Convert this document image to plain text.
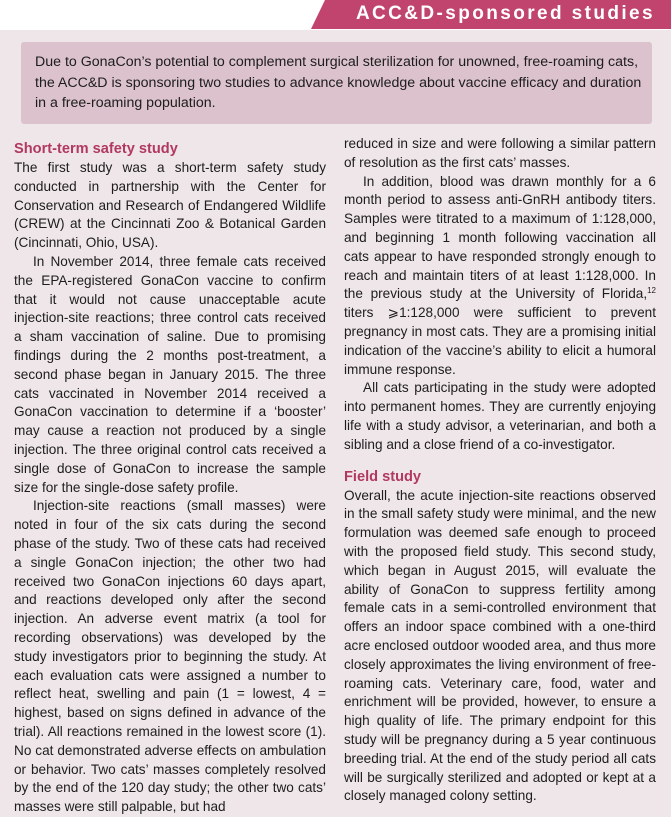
ACC&D-sponsored studies

Due to GonaCon’s potential to complement surgical sterilization for unowned, free-roaming cats, the ACC&D is sponsoring two studies to advance knowledge about vaccine efficacy and duration in a free-roaming population.

Short-term safety study

The first study was a short-term safety study conducted in partnership with the Center for Conservation and Research of Endangered Wildlife (CREW) at the Cincinnati Zoo & Botanical Garden (Cincinnati, Ohio, USA).

In November 2014, three female cats received the EPA-registered GonaCon vaccine to confirm that it would not cause unacceptable acute injection-site reactions; three control cats received a sham vaccination of saline. Due to promising findings during the 2 months post-treatment, a second phase began in January 2015. The three cats vaccinated in November 2014 received a GonaCon vaccination to determine if a ‘booster’ may cause a reaction not produced by a single injection. The three original control cats received a single dose of GonaCon to increase the sample size for the single-dose safety profile.

Injection-site reactions (small masses) were noted in four of the six cats during the second phase of the study. Two of these cats had received a single GonaCon injection; the other two had received two GonaCon injections 60 days apart, and reactions developed only after the second injection. An adverse event matrix (a tool for recording observations) was developed by the study investigators prior to beginning the study. At each evaluation cats were assigned a number to reflect heat, swelling and pain (1 = lowest, 4 = highest, based on signs defined in advance of the trial). All reactions remained in the lowest score (1). No cat demonstrated adverse effects on ambulation or behavior. Two cats’ masses completely resolved by the end of the 120 day study; the other two cats’ masses were still palpable, but had

reduced in size and were following a similar pattern of resolution as the first cats’ masses.

In addition, blood was drawn monthly for a 6 month period to assess anti-GnRH antibody titers. Samples were titrated to a maximum of 1:128,000, and beginning 1 month following vaccination all cats appear to have responded strongly enough to reach and maintain titers of at least 1:128,000. In the previous study at the University of Florida,$^{12}$ titers ⩾1:128,000 were sufficient to prevent pregnancy in most cats. They are a promising initial indication of the vaccine’s ability to elicit a humoral immune response.

All cats participating in the study were adopted into permanent homes. They are currently enjoying life with a study advisor, a veterinarian, and both a sibling and a close friend of a co-investigator.

Field study

Overall, the acute injection-site reactions observed in the small safety study were minimal, and the new formulation was deemed safe enough to proceed with the proposed field study. This second study, which began in August 2015, will evaluate the ability of GonaCon to suppress fertility among female cats in a semi-controlled environment that offers an indoor space combined with a one-third acre enclosed outdoor wooded area, and thus more closely approximates the living environment of free-roaming cats. Veterinary care, food, water and enrichment will be provided, however, to ensure a high quality of life. The primary endpoint for this study will be pregnancy during a 5 year continuous breeding trial. At the end of the study period all cats will be surgically sterilized and adopted or kept at a closely managed colony setting.
